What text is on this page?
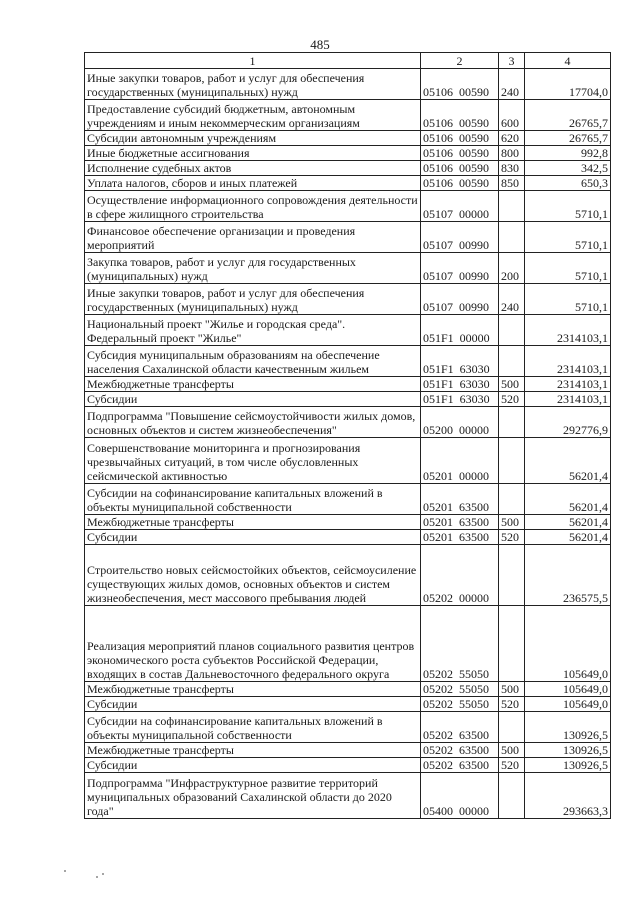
485
1	2	3	4
Иные закупки товаров, работ и услуг для обеспечения государственных (муниципальных) нужд	05106  00590	240	17704,0
Предоставление субсидий бюджетным, автономным учреждениям и иным некоммерческим организациям	05106  00590	600	26765,7
Субсидии автономным учреждениям	05106  00590	620	26765,7
Иные бюджетные ассигнования	05106  00590	800	992,8
Исполнение судебных актов	05106  00590	830	342,5
Уплата налогов, сборов и иных платежей	05106  00590	850	650,3
Осуществление информационного сопровождения деятельности в сфере жилищного строительства	05107  00000		5710,1
Финансовое обеспечение организации и проведения мероприятий	05107  00990		5710,1
Закупка товаров, работ и услуг для государственных (муниципальных) нужд	05107  00990	200	5710,1
Иные закупки товаров, работ и услуг для обеспечения государственных (муниципальных) нужд	05107  00990	240	5710,1
Национальный проект "Жилье и городская среда". Федеральный проект "Жилье"	051F1  00000		2314103,1
Субсидия муниципальным образованиям на обеспечение населения Сахалинской области качественным жильем	051F1  63030		2314103,1
Межбюджетные трансферты	051F1  63030	500	2314103,1
Субсидии	051F1  63030	520	2314103,1
Подпрограмма "Повышение сейсмоустойчивости жилых домов, основных объектов и систем жизнеобеспечения"	05200  00000		292776,9
Совершенствование мониторинга и прогнозирования чрезвычайных ситуаций, в том числе обусловленных сейсмической активностью	05201  00000		56201,4
Субсидии на софинансирование капитальных вложений в объекты муниципальной собственности	05201  63500		56201,4
Межбюджетные трансферты	05201  63500	500	56201,4
Субсидии	05201  63500	520	56201,4
Строительство новых сейсмостойких объектов, сейсмоусиление существующих жилых домов, основных объектов и систем жизнеобеспечения, мест массового пребывания людей	05202  00000		236575,5
Реализация мероприятий планов социального развития центров экономического роста субъектов Российской Федерации, входящих в состав Дальневосточного федерального округа	05202  55050		105649,0
Межбюджетные трансферты	05202  55050	500	105649,0
Субсидии	05202  55050	520	105649,0
Субсидии на софинансирование капитальных вложений в объекты муниципальной собственности	05202  63500		130926,5
Межбюджетные трансферты	05202  63500	500	130926,5
Субсидии	05202  63500	520	130926,5
Подпрограмма "Инфраструктурное развитие территорий муниципальных образований Сахалинской области до 2020 года"	05400  00000		293663,3
